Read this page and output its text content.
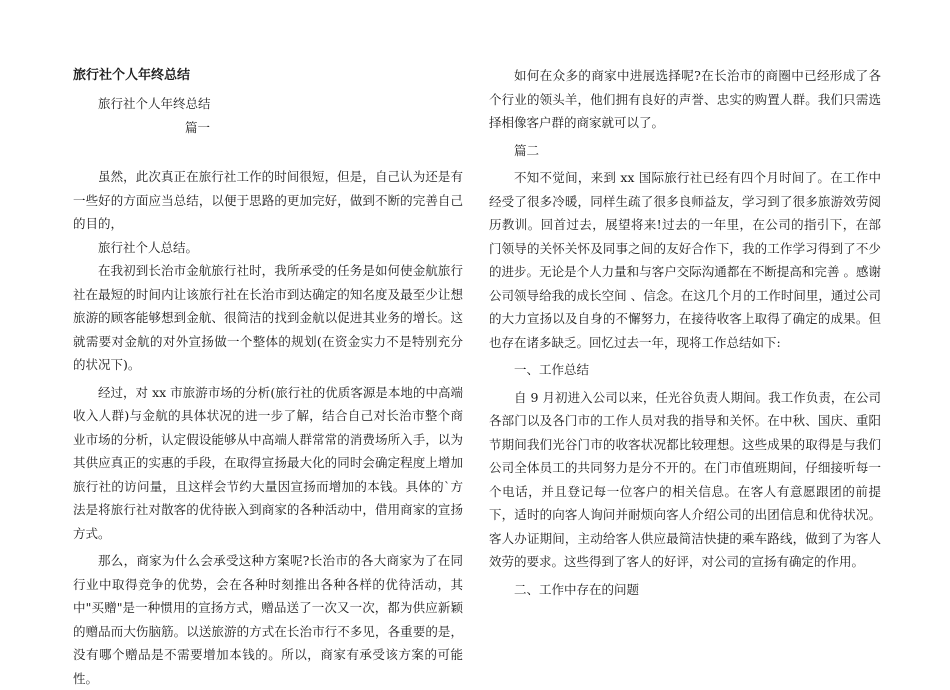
旅行社个人年终总结

旅行社个人年终总结

篇一

虽然，此次真正在旅行社工作的时间很短，但是，自己认为还是有一些好的方面应当总结，以便于思路的更加完好，做到不断的完善自己的目的，

旅行社个人总结。

在我初到长治市金航旅行社时，我所承受的任务是如何使金航旅行社在最短的时间内让该旅行社在长治市到达确定的知名度及最至少让想旅游的顾客能够想到金航、很简洁的找到金航以促进其业务的增长。这就需要对金航的对外宣扬做一个整体的规划(在资金实力不是特别充分的状况下)。

经过，对 xx 市旅游市场的分析(旅行社的优质客源是本地的中高端收入人群)与金航的具体状况的进一步了解，结合自己对长治市整个商业市场的分析，认定假设能够从中高端人群常常的消费场所入手，以为其供应真正的实惠的手段，在取得宣扬最大化的同时会确定程度上增加旅行社的访问量，且这样会节约大量因宣扬而增加的本钱。具体的`方法是将旅行社对散客的优待嵌入到商家的各种活动中，借用商家的宣扬方式。

那么，商家为什么会承受这种方案呢?长治市的各大商家为了在同行业中取得竞争的优势，会在各种时刻推出各种各样的优待活动，其中"买赠"是一种惯用的宣扬方式，赠品送了一次又一次，都为供应新颖的赠品而大伤脑筋。以送旅游的方式在长治市行不多见，各重要的是，没有哪个赠品是不需要增加本钱的。所以，商家有承受该方案的可能性。

如何在众多的商家中进展选择呢?在长治市的商圈中已经形成了各个行业的领头羊，他们拥有良好的声誉、忠实的购置人群。我们只需选择相像客户群的商家就可以了。

篇二

不知不觉间，来到 xx 国际旅行社已经有四个月时间了。在工作中经受了很多冷暖，同样生疏了很多良师益友，学习到了很多旅游效劳阅历教训。回首过去，展望将来!过去的一年里，在公司的指引下，在部门领导的关怀关怀及同事之间的友好合作下，我的工作学习得到了不少的进步。无论是个人力量和与客户交际沟通都在不断提高和完善 。感谢公司领导给我的成长空间 、信念。在这几个月的工作时间里，通过公司的大力宣扬以及自身的不懈努力，在接待收客上取得了确定的成果。但也存在诸多缺乏。回忆过去一年，现将工作总结如下:

一、工作总结

自 9 月初进入公司以来，任光谷负责人期间。我工作负责，在公司各部门以及各门市的工作人员对我的指导和关怀。在中秋、国庆、重阳节期间我们光谷门市的收客状况都比较理想。这些成果的取得是与我们公司全体员工的共同努力是分不开的。在门市值班期间，仔细接听每一个电话，并且登记每一位客户的相关信息。在客人有意愿跟团的前提下，适时的向客人询问并耐烦向客人介绍公司的出团信息和优待状况。客人办证期间，主动给客人供应最简洁快捷的乘车路线，做到了为客人效劳的要求。这些得到了客人的好评，对公司的宣扬有确定的作用。

二、工作中存在的问题
